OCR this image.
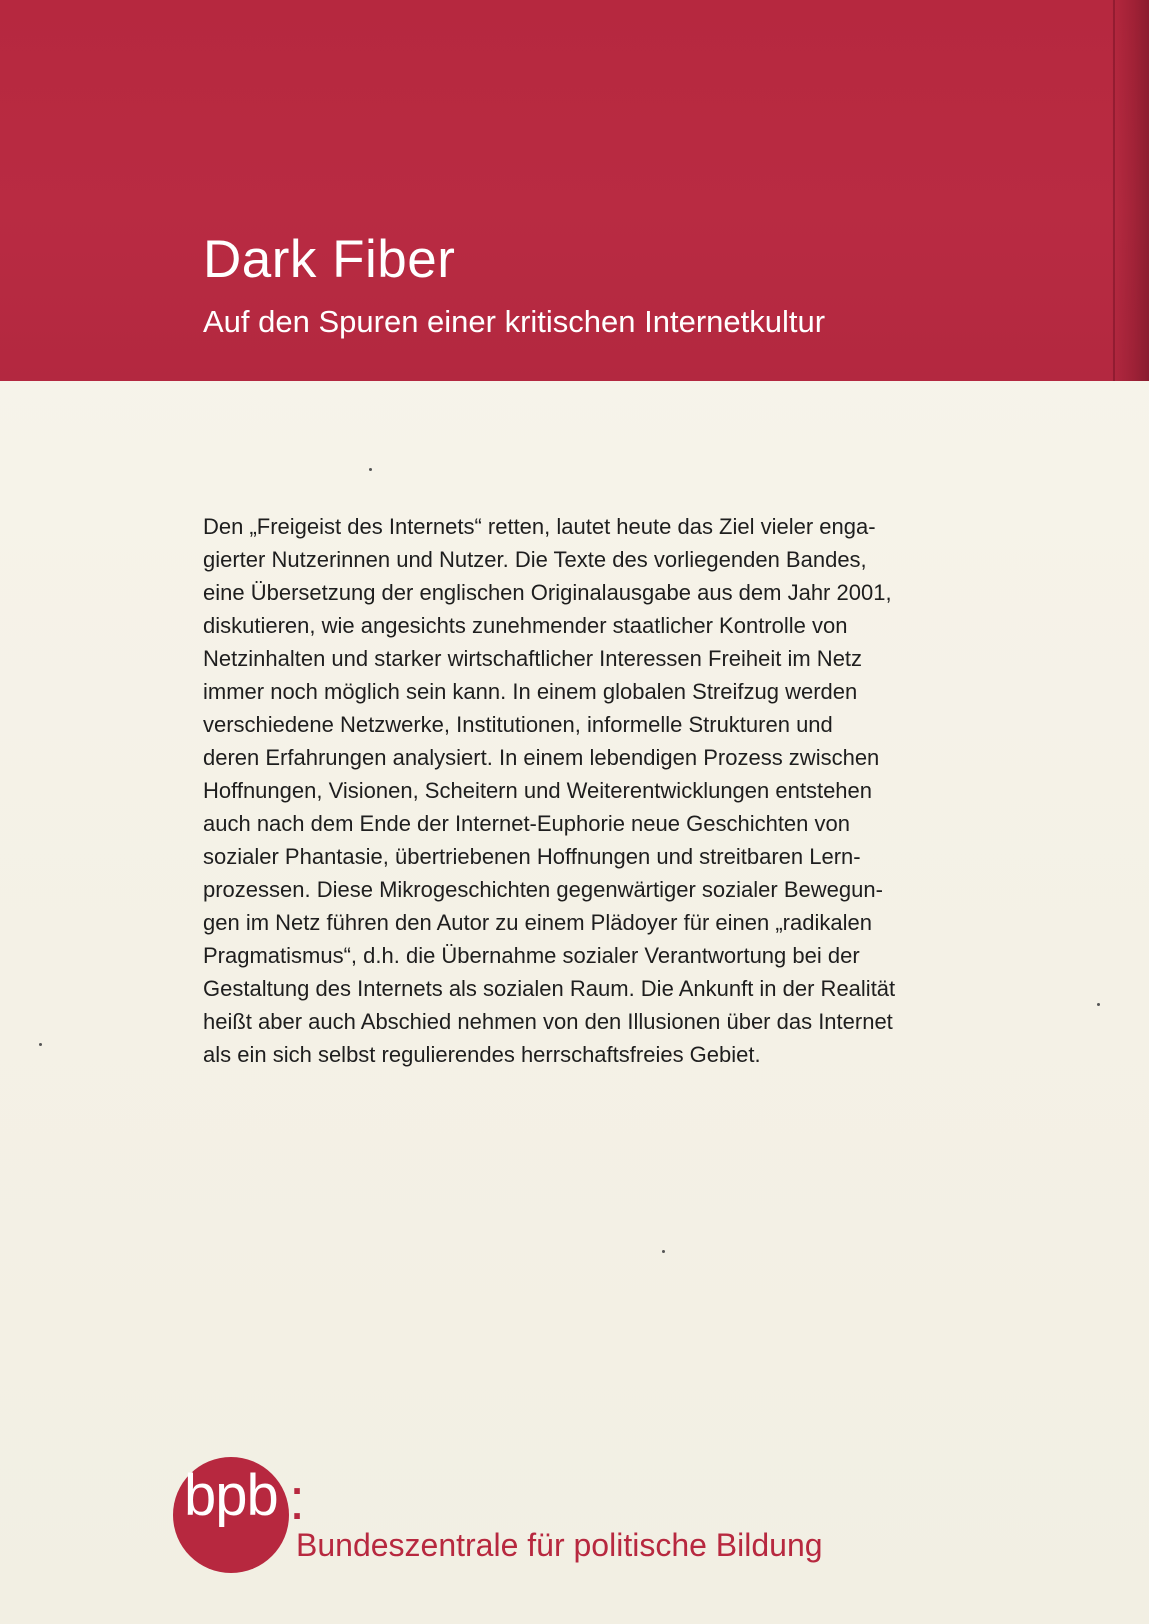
Dark Fiber
Auf den Spuren einer kritischen Internetkultur

Den „Freigeist des Internets“ retten, lautet heute das Ziel vieler enga-
gierter Nutzerinnen und Nutzer. Die Texte des vorliegenden Bandes,
eine Übersetzung der englischen Originalausgabe aus dem Jahr 2001,
diskutieren, wie angesichts zunehmender staatlicher Kontrolle von
Netzinhalten und starker wirtschaftlicher Interessen Freiheit im Netz
immer noch möglich sein kann. In einem globalen Streifzug werden
verschiedene Netzwerke, Institutionen, informelle Strukturen und
deren Erfahrungen analysiert. In einem lebendigen Prozess zwischen
Hoffnungen, Visionen, Scheitern und Weiterentwicklungen entstehen
auch nach dem Ende der Internet-Euphorie neue Geschichten von
sozialer Phantasie, übertriebenen Hoffnungen und streitbaren Lern-
prozessen. Diese Mikrogeschichten gegenwärtiger sozialer Bewegun-
gen im Netz führen den Autor zu einem Plädoyer für einen „radikalen
Pragmatismus“, d.h. die Übernahme sozialer Verantwortung bei der
Gestaltung des Internets als sozialen Raum. Die Ankunft in der Realität
heißt aber auch Abschied nehmen von den Illusionen über das Internet
als ein sich selbst regulierendes herrschaftsfreies Gebiet.

bpb :

Bundeszentrale für politische Bildung
